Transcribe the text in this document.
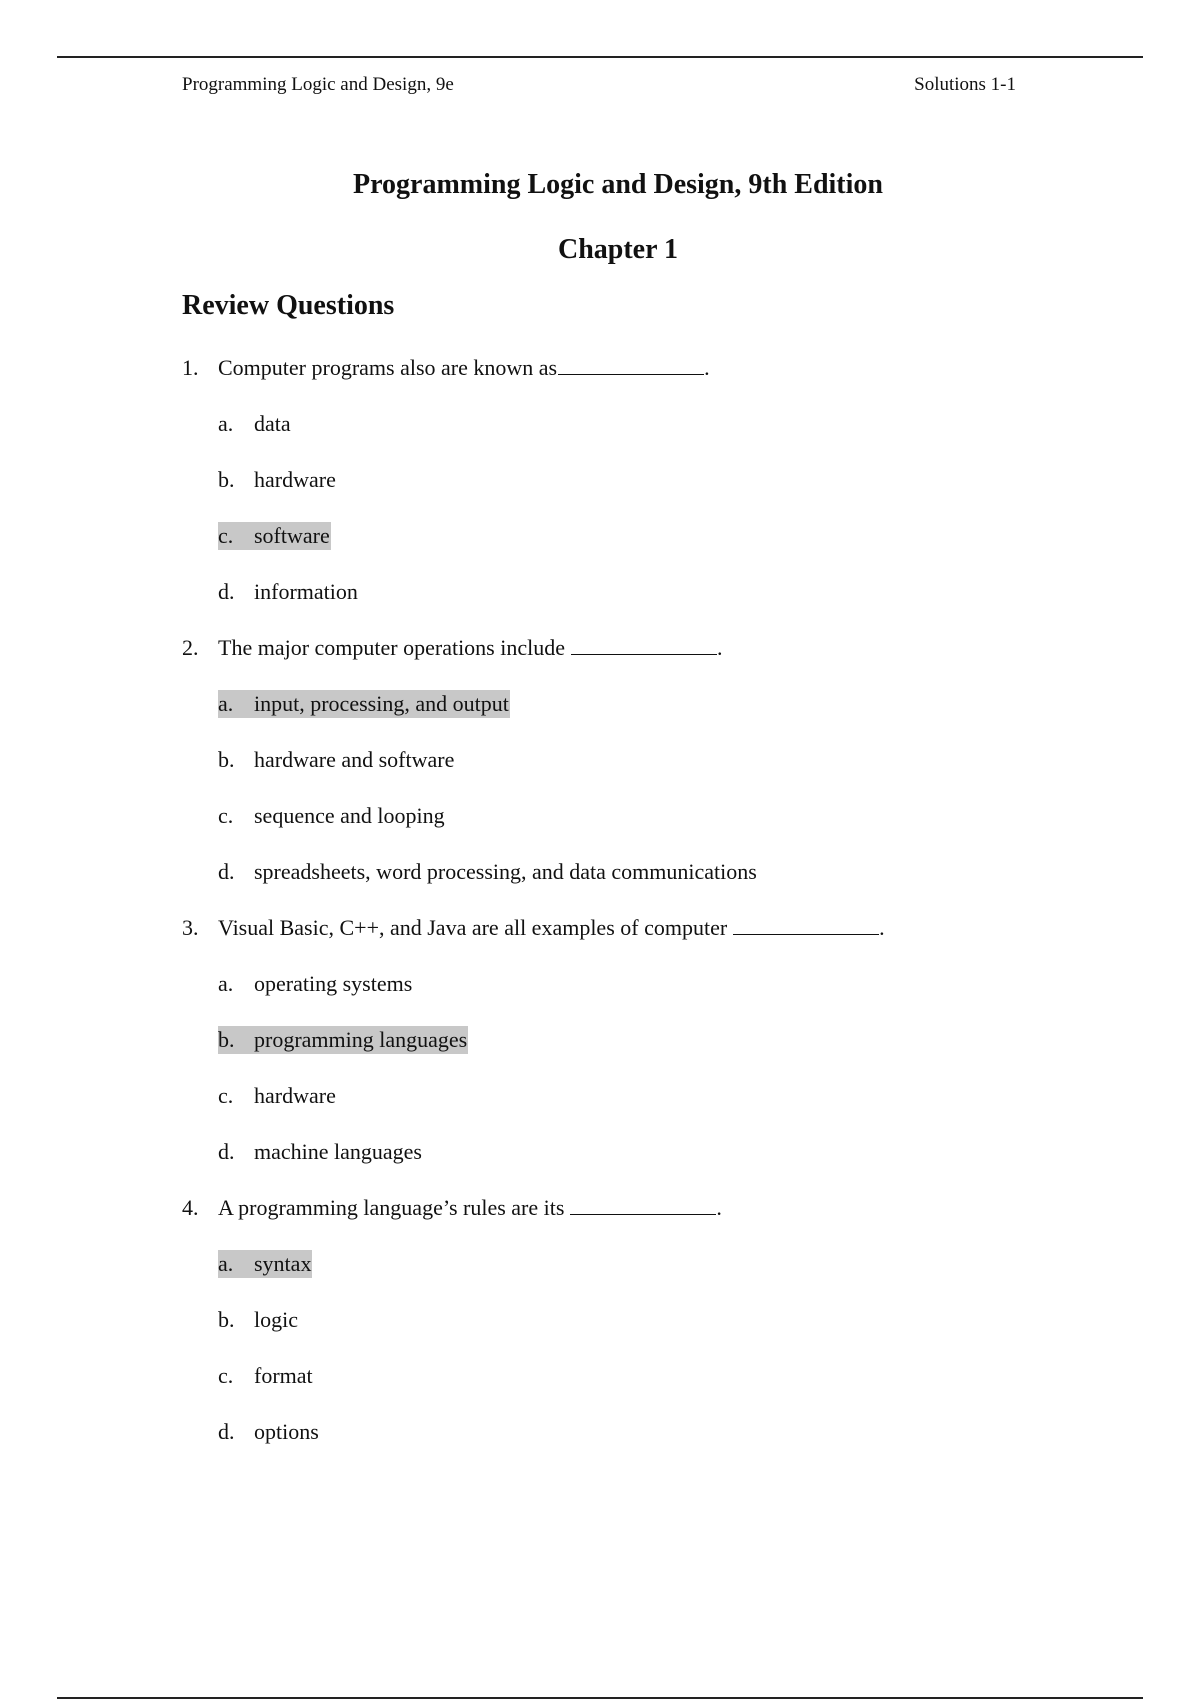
Programming Logic and Design, 9e	Solutions 1-1
Programming Logic and Design, 9th Edition
Chapter 1
Review Questions
1. Computer programs also are known as	.
a. data
b. hardware
c. software
d. information
2. The major computer operations include	.
a. input, processing, and output
b. hardware and software
c. sequence and looping
d. spreadsheets, word processing, and data communications
3. Visual Basic, C++, and Java are all examples of computer	.
a. operating systems
b. programming languages
c. hardware
d. machine languages
4. A programming language’s rules are its	.
a. syntax
b. logic
c. format
d. options
